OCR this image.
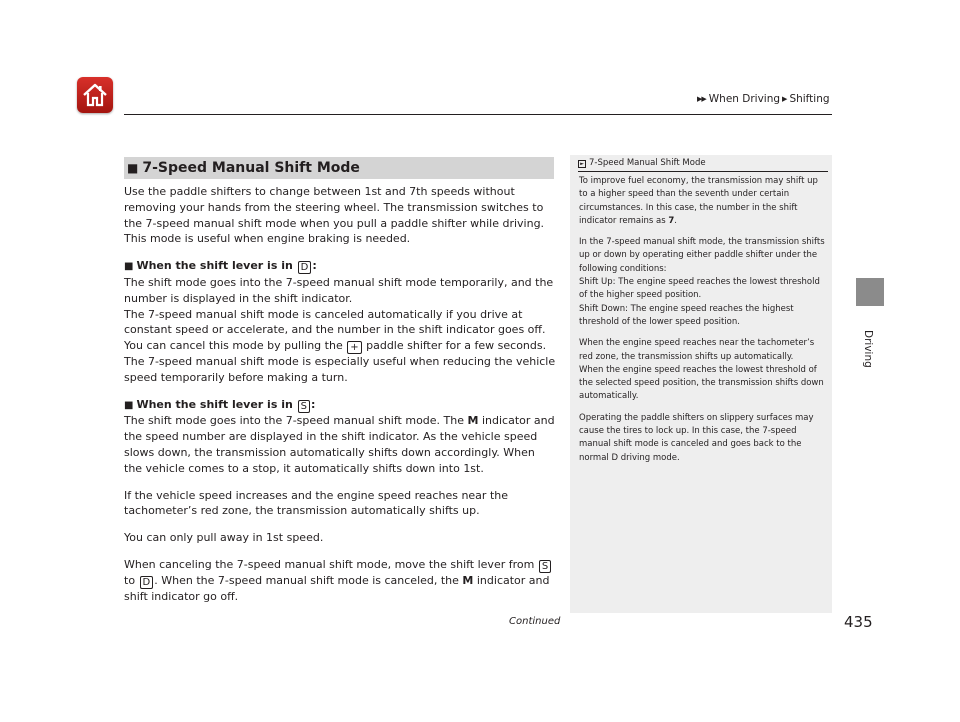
▶▶ When Driving ▶ Shifting
Driving
■ 7-Speed Manual Shift Mode

Use the paddle shifters to change between 1st and 7th speeds without removing your hands from the steering wheel. The transmission switches to the 7-speed manual shift mode when you pull a paddle shifter while driving. This mode is useful when engine braking is needed.

■ When the shift lever is in D :

The shift mode goes into the 7-speed manual shift mode temporarily, and the number is displayed in the shift indicator.

The 7-speed manual shift mode is canceled automatically if you drive at constant speed or accelerate, and the number in the shift indicator goes off.

You can cancel this mode by pulling the + paddle shifter for a few seconds.

The 7-speed manual shift mode is especially useful when reducing the vehicle speed temporarily before making a turn.

■ When the shift lever is in S :

The shift mode goes into the 7-speed manual shift mode. The M indicator and the speed number are displayed in the shift indicator. As the vehicle speed slows down, the transmission automatically shifts down accordingly. When the vehicle comes to a stop, it automatically shifts down into 1st.

If the vehicle speed increases and the engine speed reaches near the tachometer’s red zone, the transmission automatically shifts up.

You can only pull away in 1st speed.

When canceling the 7-speed manual shift mode, move the shift lever from S to D . When the 7-speed manual shift mode is canceled, the M indicator and shift indicator go off.

► 7-Speed Manual Shift Mode

To improve fuel economy, the transmission may shift up to a higher speed than the seventh under certain circumstances. In this case, the number in the shift indicator remains as 7.

In the 7-speed manual shift mode, the transmission shifts up or down by operating either paddle shifter under the following conditions:

Shift Up: The engine speed reaches the lowest threshold of the higher speed position.

Shift Down: The engine speed reaches the highest threshold of the lower speed position.

When the engine speed reaches near the tachometer’s red zone, the transmission shifts up automatically.

When the engine speed reaches the lowest threshold of the selected speed position, the transmission shifts down automatically.

Operating the paddle shifters on slippery surfaces may cause the tires to lock up. In this case, the 7-speed manual shift mode is canceled and goes back to the normal D driving mode.

Continued	435
